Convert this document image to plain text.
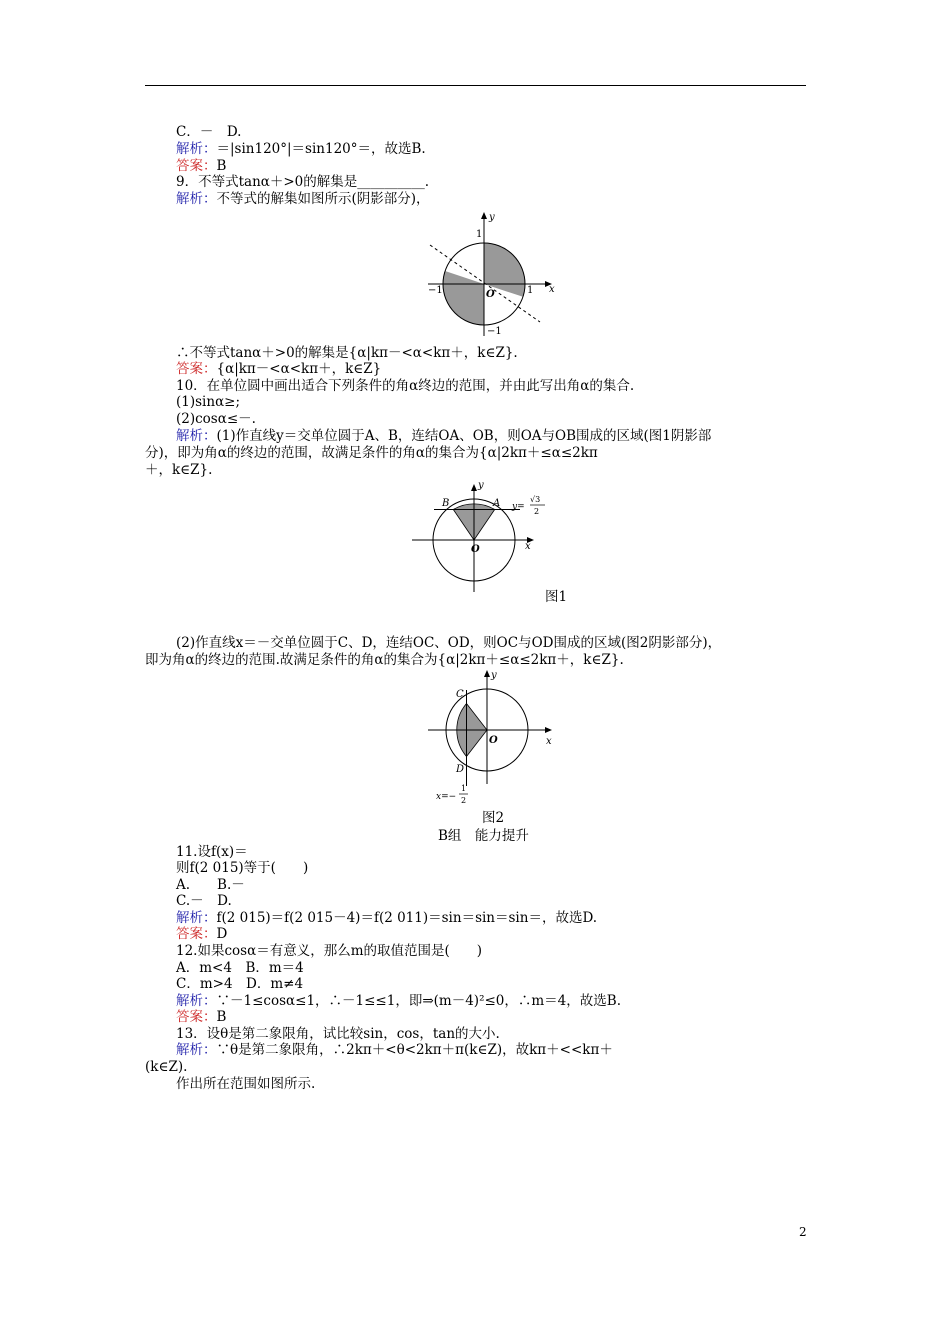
C．－　D.
解析：＝|sin120°|＝sin120°＝，故选B.
答案：B
9．不等式tanα＋>0的解集是__________.
解析：不等式的解集如图所示(阴影部分)，
x
y
O	1
−1
1
−1
∴不等式tanα＋>0的解集是{α|kπ－<α<kπ＋，k∈Z}.
答案：{α|kπ－<α<kπ＋，k∈Z}
10．在单位圆中画出适合下列条件的角α终边的范围，并由此写出角α的集合.
(1)sinα≥;
(2)cosα≤－.
解析：(1)作直线y＝交单位圆于A、B，连结OA、OB，则OA与OB围成的区域(图1阴影部
分)，即为角α的终边的范围，故满足条件的角α的集合为{α|2kπ＋≤α≤2kπ
＋，k∈Z}.
B	A
y
x
O
y=
√3
2
图1
(2)作直线x＝－交单位圆于C、D，连结OC、OD，则OC与OD围成的区域(图2阴影部分)，
即为角α的终边的范围.故满足条件的角α的集合为{α|2kπ＋≤α≤2kπ＋，k∈Z}.
C
D
y
x
O
x=−
1
2
图2
B组　能力提升
11.设f(x)＝
则f(2 015)等于(　　)
A.　　B.－
C.－　D.
解析：f(2 015)＝f(2 015－4)＝f(2 011)＝sin＝sin＝sin＝，故选D.
答案：D
12.如果cosα＝有意义，那么m的取值范围是(　　)
A．m<4　B．m＝4
C．m>4　D．m≠4
解析：∵－1≤cosα≤1，∴－1≤≤1，即⇒(m－4)²≤0，∴m＝4，故选B.
答案：B
13．设θ是第二象限角，试比较sin，cos，tan的大小.
解析：∵θ是第二象限角，∴2kπ＋<θ<2kπ＋π(k∈Z)，故kπ＋<<kπ＋
(k∈Z).
作出所在范围如图所示.
2
